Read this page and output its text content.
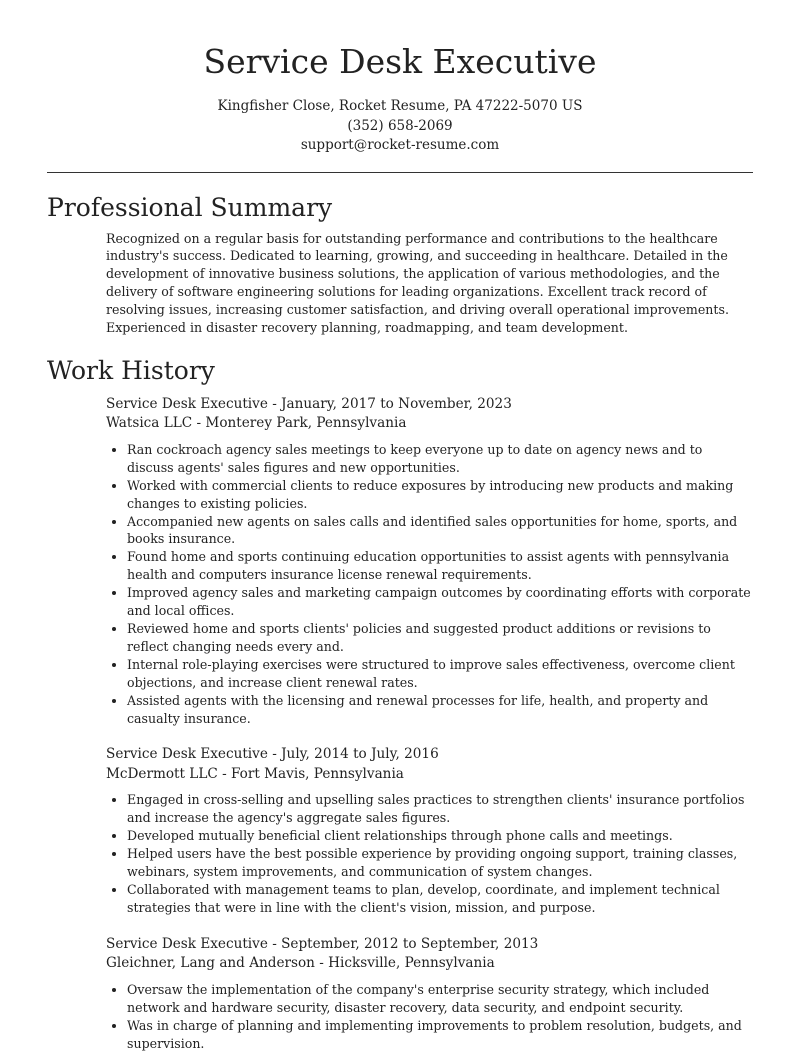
Service Desk Executive
Kingfisher Close, Rocket Resume, PA 47222-5070 US
(352) 658-2069
support@rocket-resume.com
Professional Summary

Recognized on a regular basis for outstanding performance and contributions to the healthcare industry's success. Dedicated to learning, growing, and succeeding in healthcare. Detailed in the development of innovative business solutions, the application of various methodologies, and the delivery of software engineering solutions for leading organizations. Excellent track record of resolving issues, increasing customer satisfaction, and driving overall operational improvements. Experienced in disaster recovery planning, roadmapping, and team development.

Work History
Service Desk Executive - January, 2017 to November, 2023
Watsica LLC - Monterey Park, Pennsylvania
• Ran cockroach agency sales meetings to keep everyone up to date on agency news and to discuss agents' sales figures and new opportunities.
• Worked with commercial clients to reduce exposures by introducing new products and making changes to existing policies.
• Accompanied new agents on sales calls and identified sales opportunities for home, sports, and books insurance.
• Found home and sports continuing education opportunities to assist agents with pennsylvania health and computers insurance license renewal requirements.
• Improved agency sales and marketing campaign outcomes by coordinating efforts with corporate and local offices.
• Reviewed home and sports clients' policies and suggested product additions or revisions to reflect changing needs every and.
• Internal role-playing exercises were structured to improve sales effectiveness, overcome client objections, and increase client renewal rates.
• Assisted agents with the licensing and renewal processes for life, health, and property and casualty insurance.
Service Desk Executive - July, 2014 to July, 2016
McDermott LLC - Fort Mavis, Pennsylvania
• Engaged in cross-selling and upselling sales practices to strengthen clients' insurance portfolios and increase the agency's aggregate sales figures.
• Developed mutually beneficial client relationships through phone calls and meetings.
• Helped users have the best possible experience by providing ongoing support, training classes, webinars, system improvements, and communication of system changes.
• Collaborated with management teams to plan, develop, coordinate, and implement technical strategies that were in line with the client's vision, mission, and purpose.
Service Desk Executive - September, 2012 to September, 2013
Gleichner, Lang and Anderson - Hicksville, Pennsylvania
• Oversaw the implementation of the company's enterprise security strategy, which included network and hardware security, disaster recovery, data security, and endpoint security.
• Was in charge of planning and implementing improvements to problem resolution, budgets, and supervision.
